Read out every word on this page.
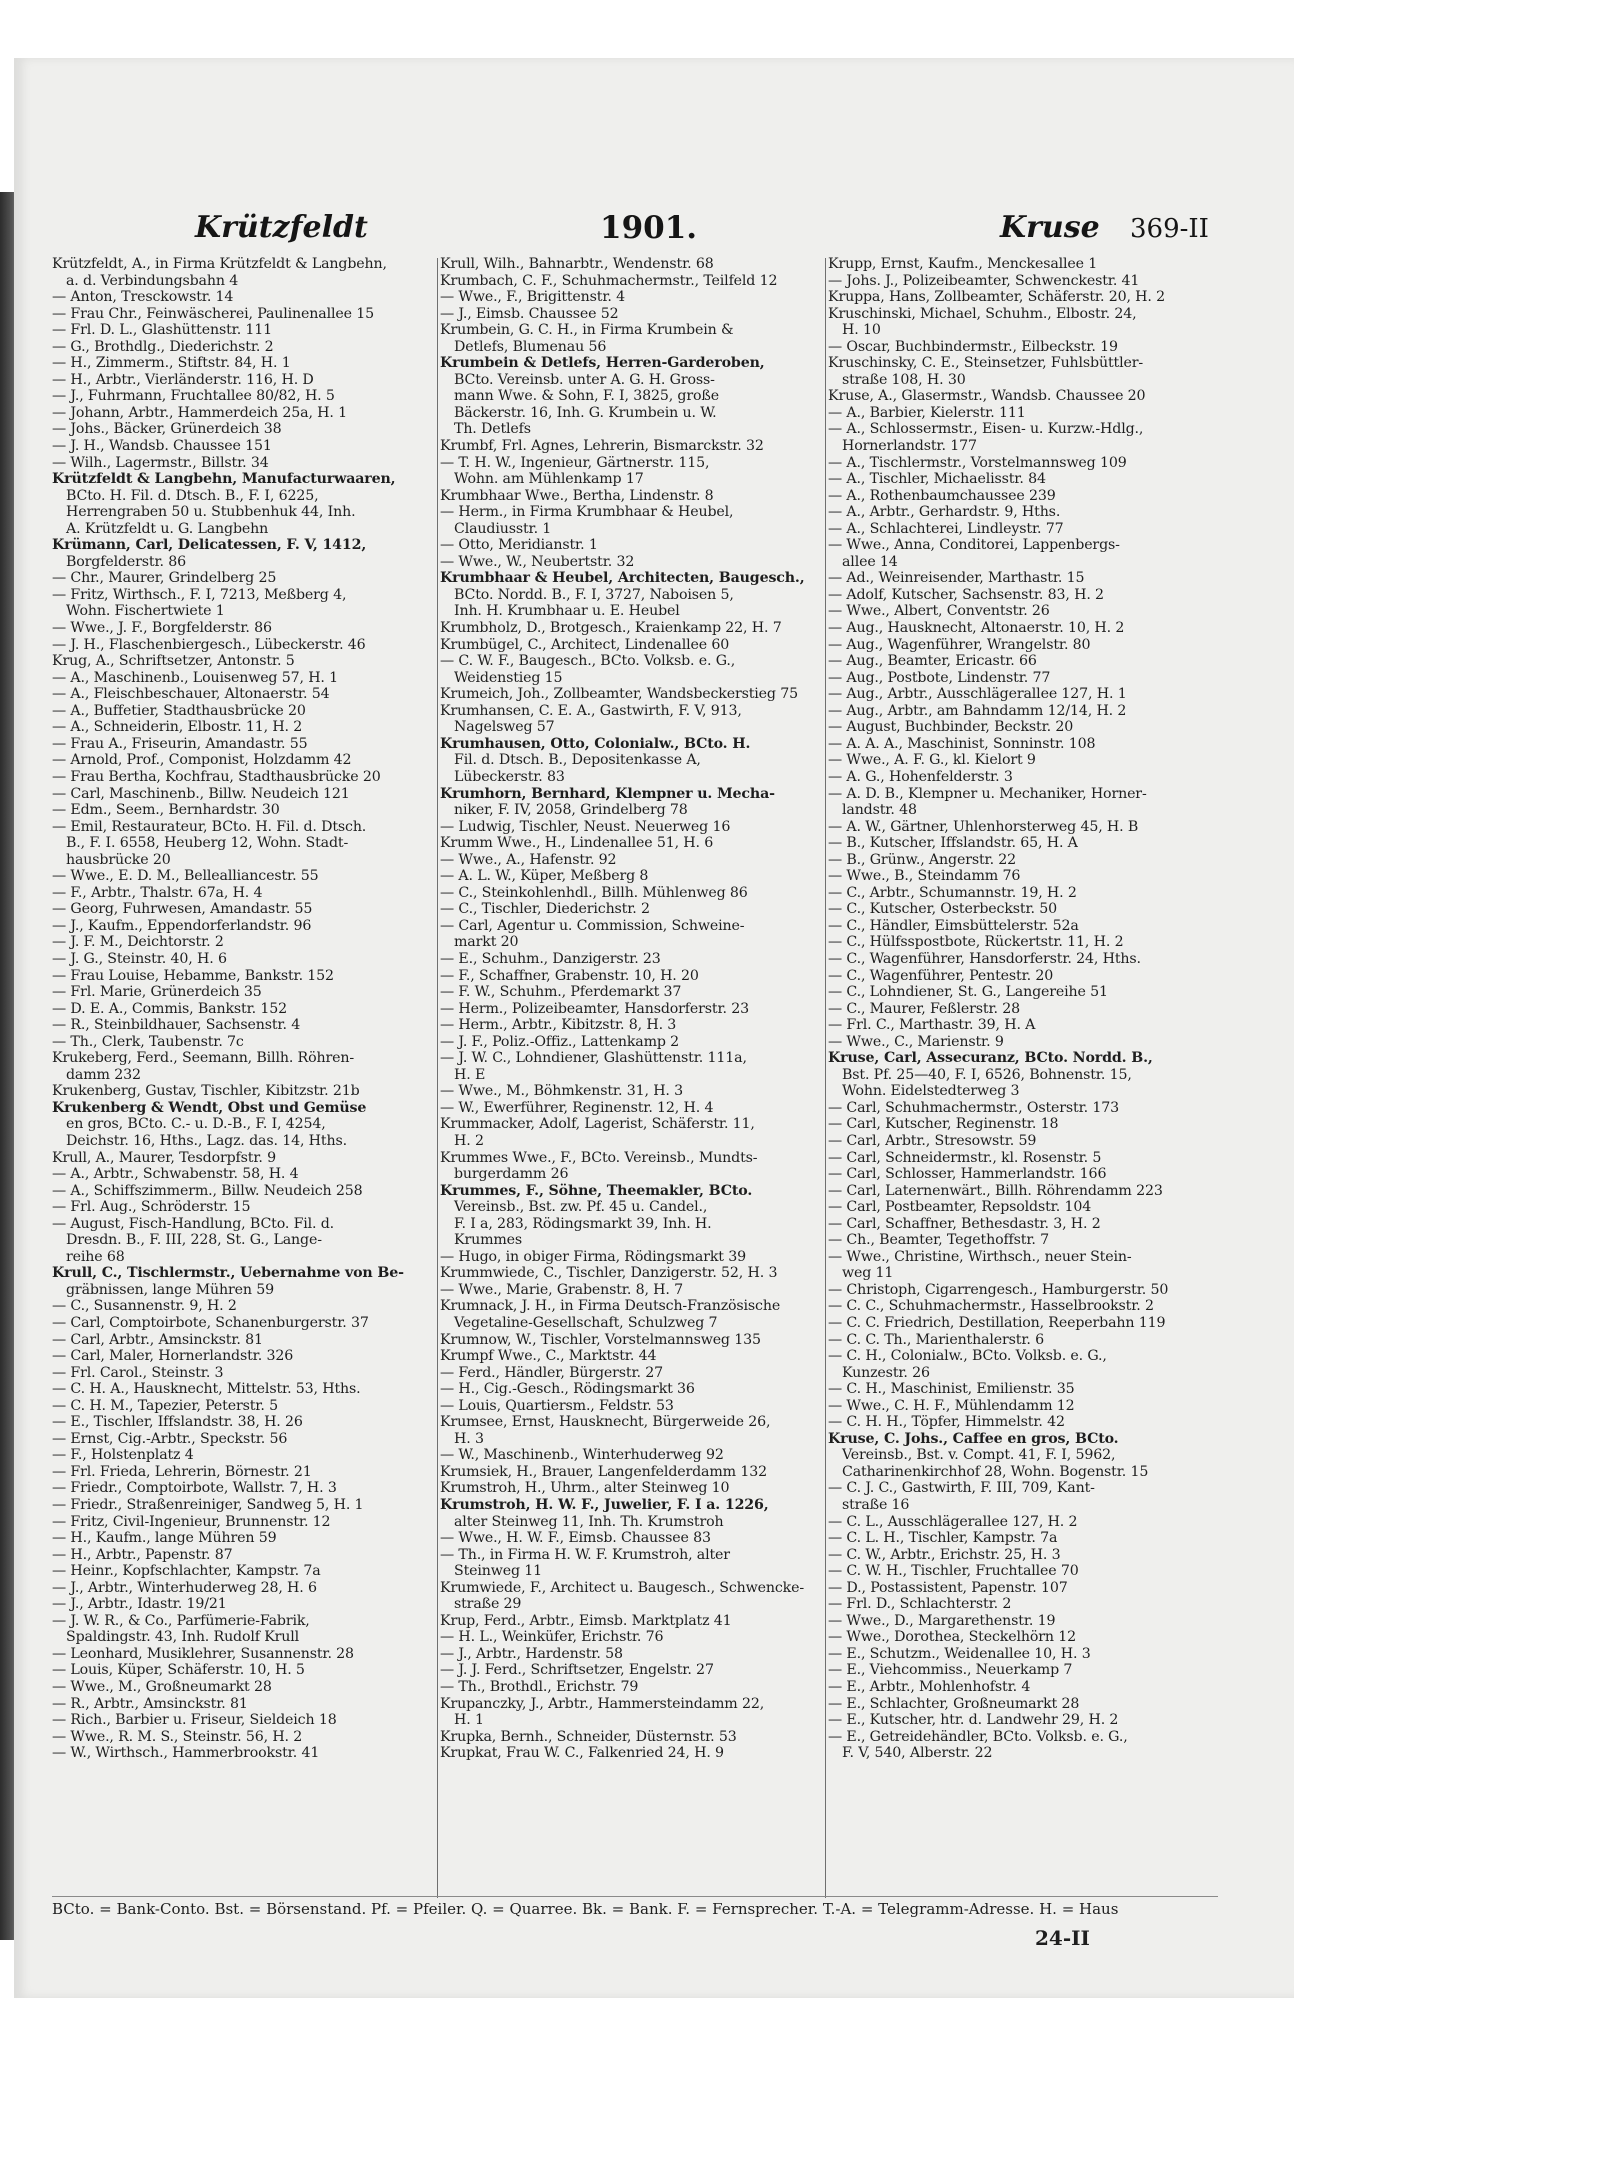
Krützfeldt	1901.	Kruse 369-II
Krützfeldt, A., in Firma Krützfeldt & Langbehn,
a. d. Verbindungsbahn 4
— Anton, Tresckowstr. 14
— Frau Chr., Feinwäscherei, Paulinenallee 15
— Frl. D. L., Glashüttenstr. 111
— G., Brothdlg., Diederichstr. 2
— H., Zimmerm., Stiftstr. 84, H. 1
— H., Arbtr., Vierländerstr. 116, H. D
— J., Fuhrmann, Fruchtallee 80/82, H. 5
— Johann, Arbtr., Hammerdeich 25a, H. 1
— Johs., Bäcker, Grünerdeich 38
— J. H., Wandsb. Chaussee 151
— Wilh., Lagermstr., Billstr. 34
Krützfeldt & Langbehn, Manufacturwaaren,
BCto. H. Fil. d. Dtsch. B., F. I, 6225,
Herrengraben 50 u. Stubbenhuk 44, Inh.
A. Krützfeldt u. G. Langbehn
Krümann, Carl, Delicatessen, F. V, 1412,
Borgfelderstr. 86
— Chr., Maurer, Grindelberg 25
— Fritz, Wirthsch., F. I, 7213, Meßberg 4,
Wohn. Fischertwiete 1
— Wwe., J. F., Borgfelderstr. 86
— J. H., Flaschenbiergesch., Lübeckerstr. 46
Krug, A., Schriftsetzer, Antonstr. 5
— A., Maschinenb., Louisenweg 57, H. 1
— A., Fleischbeschauer, Altonaerstr. 54
— A., Buffetier, Stadthausbrücke 20
— A., Schneiderin, Elbostr. 11, H. 2
— Frau A., Friseurin, Amandastr. 55
— Arnold, Prof., Componist, Holzdamm 42
— Frau Bertha, Kochfrau, Stadthausbrücke 20
— Carl, Maschinenb., Billw. Neudeich 121
— Edm., Seem., Bernhardstr. 30
— Emil, Restaurateur, BCto. H. Fil. d. Dtsch.
B., F. I. 6558, Heuberg 12, Wohn. Stadt-
hausbrücke 20
— Wwe., E. D. M., Bellealliancestr. 55
— F., Arbtr., Thalstr. 67a, H. 4
— Georg, Fuhrwesen, Amandastr. 55
— J., Kaufm., Eppendorferlandstr. 96
— J. F. M., Deichtorstr. 2
— J. G., Steinstr. 40, H. 6
— Frau Louise, Hebamme, Bankstr. 152
— Frl. Marie, Grünerdeich 35
— D. E. A., Commis, Bankstr. 152
— R., Steinbildhauer, Sachsenstr. 4
— Th., Clerk, Taubenstr. 7c
Krukeberg, Ferd., Seemann, Billh. Röhren-
damm 232
Krukenberg, Gustav, Tischler, Kibitzstr. 21b
Krukenberg & Wendt, Obst und Gemüse
en gros, BCto. C.- u. D.-B., F. I, 4254,
Deichstr. 16, Hths., Lagz. das. 14, Hths.
Krull, A., Maurer, Tesdorpfstr. 9
— A., Arbtr., Schwabenstr. 58, H. 4
— A., Schiffszimmerm., Billw. Neudeich 258
— Frl. Aug., Schröderstr. 15
— August, Fisch-Handlung, BCto. Fil. d.
Dresdn. B., F. III, 228, St. G., Lange-
reihe 68
Krull, C., Tischlermstr., Uebernahme von Be-
gräbnissen, lange Mühren 59
— C., Susannenstr. 9, H. 2
— Carl, Comptoirbote, Schanenburgerstr. 37
— Carl, Arbtr., Amsinckstr. 81
— Carl, Maler, Hornerlandstr. 326
— Frl. Carol., Steinstr. 3
— C. H. A., Hausknecht, Mittelstr. 53, Hths.
— C. H. M., Tapezier, Peterstr. 5
— E., Tischler, Iffslandstr. 38, H. 26
— Ernst, Cig.-Arbtr., Speckstr. 56
— F., Holstenplatz 4
— Frl. Frieda, Lehrerin, Börnestr. 21
— Friedr., Comptoirbote, Wallstr. 7, H. 3
— Friedr., Straßenreiniger, Sandweg 5, H. 1
— Fritz, Civil-Ingenieur, Brunnenstr. 12
— H., Kaufm., lange Mühren 59
— H., Arbtr., Papenstr. 87
— Heinr., Kopfschlachter, Kampstr. 7a
— J., Arbtr., Winterhuderweg 28, H. 6
— J., Arbtr., Idastr. 19/21
— J. W. R., & Co., Parfümerie-Fabrik,
Spaldingstr. 43, Inh. Rudolf Krull
— Leonhard, Musiklehrer, Susannenstr. 28
— Louis, Küper, Schäferstr. 10, H. 5
— Wwe., M., Großneumarkt 28
— R., Arbtr., Amsinckstr. 81
— Rich., Barbier u. Friseur, Sieldeich 18
— Wwe., R. M. S., Steinstr. 56, H. 2
— W., Wirthsch., Hammerbrookstr. 41
Krull, Wilh., Bahnarbtr., Wendenstr. 68
Krumbach, C. F., Schuhmachermstr., Teilfeld 12
— Wwe., F., Brigittenstr. 4
— J., Eimsb. Chaussee 52
Krumbein, G. C. H., in Firma Krumbein &
Detlefs, Blumenau 56
Krumbein & Detlefs, Herren-Garderoben,
BCto. Vereinsb. unter A. G. H. Gross-
mann Wwe. & Sohn, F. I, 3825, große
Bäckerstr. 16, Inh. G. Krumbein u. W.
Th. Detlefs
Krumbf, Frl. Agnes, Lehrerin, Bismarckstr. 32
— T. H. W., Ingenieur, Gärtnerstr. 115,
Wohn. am Mühlenkamp 17
Krumbhaar Wwe., Bertha, Lindenstr. 8
— Herm., in Firma Krumbhaar & Heubel,
Claudiusstr. 1
— Otto, Meridianstr. 1
— Wwe., W., Neubertstr. 32
Krumbhaar & Heubel, Architecten, Baugesch.,
BCto. Nordd. B., F. I, 3727, Naboisen 5,
Inh. H. Krumbhaar u. E. Heubel
Krumbholz, D., Brotgesch., Kraienkamp 22, H. 7
Krumbügel, C., Architect, Lindenallee 60
— C. W. F., Baugesch., BCto. Volksb. e. G.,
Weidenstieg 15
Krumeich, Joh., Zollbeamter, Wandsbeckerstieg 75
Krumhansen, C. E. A., Gastwirth, F. V, 913,
Nagelsweg 57
Krumhausen, Otto, Colonialw., BCto. H.
Fil. d. Dtsch. B., Depositenkasse A,
Lübeckerstr. 83
Krumhorn, Bernhard, Klempner u. Mecha-
niker, F. IV, 2058, Grindelberg 78
— Ludwig, Tischler, Neust. Neuerweg 16
Krumm Wwe., H., Lindenallee 51, H. 6
— Wwe., A., Hafenstr. 92
— A. L. W., Küper, Meßberg 8
— C., Steinkohlenhdl., Billh. Mühlenweg 86
— C., Tischler, Diederichstr. 2
— Carl, Agentur u. Commission, Schweine-
markt 20
— E., Schuhm., Danzigerstr. 23
— F., Schaffner, Grabenstr. 10, H. 20
— F. W., Schuhm., Pferdemarkt 37
— Herm., Polizeibeamter, Hansdorferstr. 23
— Herm., Arbtr., Kibitzstr. 8, H. 3
— J. F., Poliz.-Offiz., Lattenkamp 2
— J. W. C., Lohndiener, Glashüttenstr. 111a,
H. E
— Wwe., M., Böhmkenstr. 31, H. 3
— W., Ewerführer, Reginenstr. 12, H. 4
Krummacker, Adolf, Lagerist, Schäferstr. 11,
H. 2
Krummes Wwe., F., BCto. Vereinsb., Mundts-
burgerdamm 26
Krummes, F., Söhne, Theemakler, BCto.
Vereinsb., Bst. zw. Pf. 45 u. Candel.,
F. I a, 283, Rödingsmarkt 39, Inh. H.
Krummes
— Hugo, in obiger Firma, Rödingsmarkt 39
Krummwiede, C., Tischler, Danzigerstr. 52, H. 3
— Wwe., Marie, Grabenstr. 8, H. 7
Krumnack, J. H., in Firma Deutsch-Französische
Vegetaline-Gesellschaft, Schulzweg 7
Krumnow, W., Tischler, Vorstelmannsweg 135
Krumpf Wwe., C., Marktstr. 44
— Ferd., Händler, Bürgerstr. 27
— H., Cig.-Gesch., Rödingsmarkt 36
— Louis, Quartiersm., Feldstr. 53
Krumsee, Ernst, Hausknecht, Bürgerweide 26,
H. 3
— W., Maschinenb., Winterhuderweg 92
Krumsiek, H., Brauer, Langenfelderdamm 132
Krumstroh, H., Uhrm., alter Steinweg 10
Krumstroh, H. W. F., Juwelier, F. I a. 1226,
alter Steinweg 11, Inh. Th. Krumstroh
— Wwe., H. W. F., Eimsb. Chaussee 83
— Th., in Firma H. W. F. Krumstroh, alter
Steinweg 11
Krumwiede, F., Architect u. Baugesch., Schwencke-
straße 29
Krup, Ferd., Arbtr., Eimsb. Marktplatz 41
— H. L., Weinküfer, Erichstr. 76
— J., Arbtr., Hardenstr. 58
— J. J. Ferd., Schriftsetzer, Engelstr. 27
— Th., Brothdl., Erichstr. 79
Krupanczky, J., Arbtr., Hammersteindamm 22,
H. 1
Krupka, Bernh., Schneider, Düsternstr. 53
Krupkat, Frau W. C., Falkenried 24, H. 9
Krupp, Ernst, Kaufm., Menckesallee 1
— Johs. J., Polizeibeamter, Schwenckestr. 41
Kruppa, Hans, Zollbeamter, Schäferstr. 20, H. 2
Kruschinski, Michael, Schuhm., Elbostr. 24,
H. 10
— Oscar, Buchbindermstr., Eilbeckstr. 19
Kruschinsky, C. E., Steinsetzer, Fuhlsbüttler-
straße 108, H. 30
Kruse, A., Glasermstr., Wandsb. Chaussee 20
— A., Barbier, Kielerstr. 111
— A., Schlossermstr., Eisen- u. Kurzw.-Hdlg.,
Hornerlandstr. 177
— A., Tischlermstr., Vorstelmannsweg 109
— A., Tischler, Michaelisstr. 84
— A., Rothenbaumchaussee 239
— A., Arbtr., Gerhardstr. 9, Hths.
— A., Schlachterei, Lindleystr. 77
— Wwe., Anna, Conditorei, Lappenbergs-
allee 14
— Ad., Weinreisender, Marthastr. 15
— Adolf, Kutscher, Sachsenstr. 83, H. 2
— Wwe., Albert, Conventstr. 26
— Aug., Hausknecht, Altonaerstr. 10, H. 2
— Aug., Wagenführer, Wrangelstr. 80
— Aug., Beamter, Ericastr. 66
— Aug., Postbote, Lindenstr. 77
— Aug., Arbtr., Ausschlägerallee 127, H. 1
— Aug., Arbtr., am Bahndamm 12/14, H. 2
— August, Buchbinder, Beckstr. 20
— A. A. A., Maschinist, Sonninstr. 108
— Wwe., A. F. G., kl. Kielort 9
— A. G., Hohenfelderstr. 3
— A. D. B., Klempner u. Mechaniker, Horner-
landstr. 48
— A. W., Gärtner, Uhlenhorsterweg 45, H. B
— B., Kutscher, Iffslandstr. 65, H. A
— B., Grünw., Angerstr. 22
— Wwe., B., Steindamm 76
— C., Arbtr., Schumannstr. 19, H. 2
— C., Kutscher, Osterbeckstr. 50
— C., Händler, Eimsbüttelerstr. 52a
— C., Hülfsspostbote, Rückertstr. 11, H. 2
— C., Wagenführer, Hansdorferstr. 24, Hths.
— C., Wagenführer, Pentestr. 20
— C., Lohndiener, St. G., Langereihe 51
— C., Maurer, Feßlerstr. 28
— Frl. C., Marthastr. 39, H. A
— Wwe., C., Marienstr. 9
Kruse, Carl, Assecuranz, BCto. Nordd. B.,
Bst. Pf. 25—40, F. I, 6526, Bohnenstr. 15,
Wohn. Eidelstedterweg 3
— Carl, Schuhmachermstr., Osterstr. 173
— Carl, Kutscher, Reginenstr. 18
— Carl, Arbtr., Stresowstr. 59
— Carl, Schneidermstr., kl. Rosenstr. 5
— Carl, Schlosser, Hammerlandstr. 166
— Carl, Laternenwärt., Billh. Röhrendamm 223
— Carl, Postbeamter, Repsoldstr. 104
— Carl, Schaffner, Bethesdastr. 3, H. 2
— Ch., Beamter, Tegethoffstr. 7
— Wwe., Christine, Wirthsch., neuer Stein-
weg 11
— Christoph, Cigarrengesch., Hamburgerstr. 50
— C. C., Schuhmachermstr., Hasselbrookstr. 2
— C. C. Friedrich, Destillation, Reeperbahn 119
— C. C. Th., Marienthalerstr. 6
— C. H., Colonialw., BCto. Volksb. e. G.,
Kunzestr. 26
— C. H., Maschinist, Emilienstr. 35
— Wwe., C. H. F., Mühlendamm 12
— C. H. H., Töpfer, Himmelstr. 42
Kruse, C. Johs., Caffee en gros, BCto.
Vereinsb., Bst. v. Compt. 41, F. I, 5962,
Catharinenkirchhof 28, Wohn. Bogenstr. 15
— C. J. C., Gastwirth, F. III, 709, Kant-
straße 16
— C. L., Ausschlägerallee 127, H. 2
— C. L. H., Tischler, Kampstr. 7a
— C. W., Arbtr., Erichstr. 25, H. 3
— C. W. H., Tischler, Fruchtallee 70
— D., Postassistent, Papenstr. 107
— Frl. D., Schlachterstr. 2
— Wwe., D., Margarethenstr. 19
— Wwe., Dorothea, Steckelhörn 12
— E., Schutzm., Weidenallee 10, H. 3
— E., Viehcommiss., Neuerkamp 7
— E., Arbtr., Mohlenhofstr. 4
— E., Schlachter, Großneumarkt 28
— E., Kutscher, htr. d. Landwehr 29, H. 2
— E., Getreidehändler, BCto. Volksb. e. G.,
F. V, 540, Alberstr. 22
BCto. = Bank-Conto. Bst. = Börsenstand. Pf. = Pfeiler. Q. = Quarree. Bk. = Bank. F. = Fernsprecher. T.-A. = Telegramm-Adresse. H. = Haus
24-II
